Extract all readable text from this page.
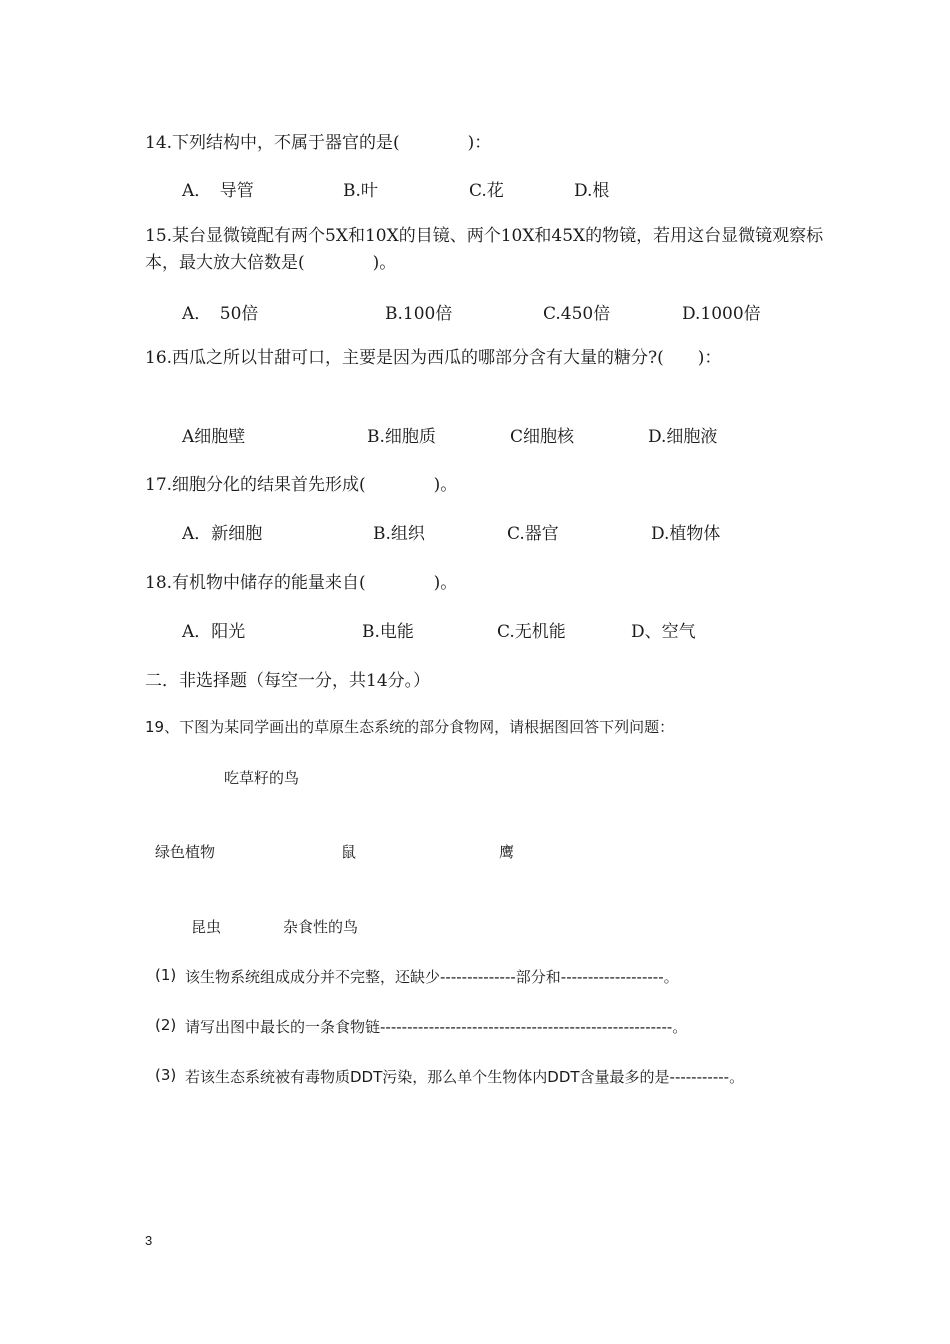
14.下列结构中，不属于器官的是(　　　　)：
A．　导管	B.叶	C.花	D.根
15.某台显微镜配有两个5X和10X的目镜、两个10X和45X的物镜，若用这台显微镜观察标本，最大放大倍数是(　　　　)。
A．　50倍	B.100倍	C.450倍	D.1000倍
16.西瓜之所以甘甜可口，主要是因为西瓜的哪部分含有大量的糖分?(　　)：
A细胞壁	B.细胞质	C细胞核	D.细胞液
17.细胞分化的结果首先形成(　　　　)。
A．新细胞	B.组织	C.器官	D.植物体
18.有机物中储存的能量来自(　　　　)。
A．阳光	B.电能	C.无机能	D、空气
二．非选择题（每空一分，共14分。）
19、下图为某同学画出的草原生态系统的部分食物网，请根据图回答下列问题：
吃草籽的鸟
绿色植物	鼠	鹰
昆虫	杂食性的鸟
(1) 该生物系统组成成分并不完整，还缺少--------------部分和-------------------。
(2) 请写出图中最长的一条食物链------------------------------------------------------。
(3) 若该生态系统被有毒物质DDT污染，那么单个生物体内DDT含量最多的是-----------。
3
